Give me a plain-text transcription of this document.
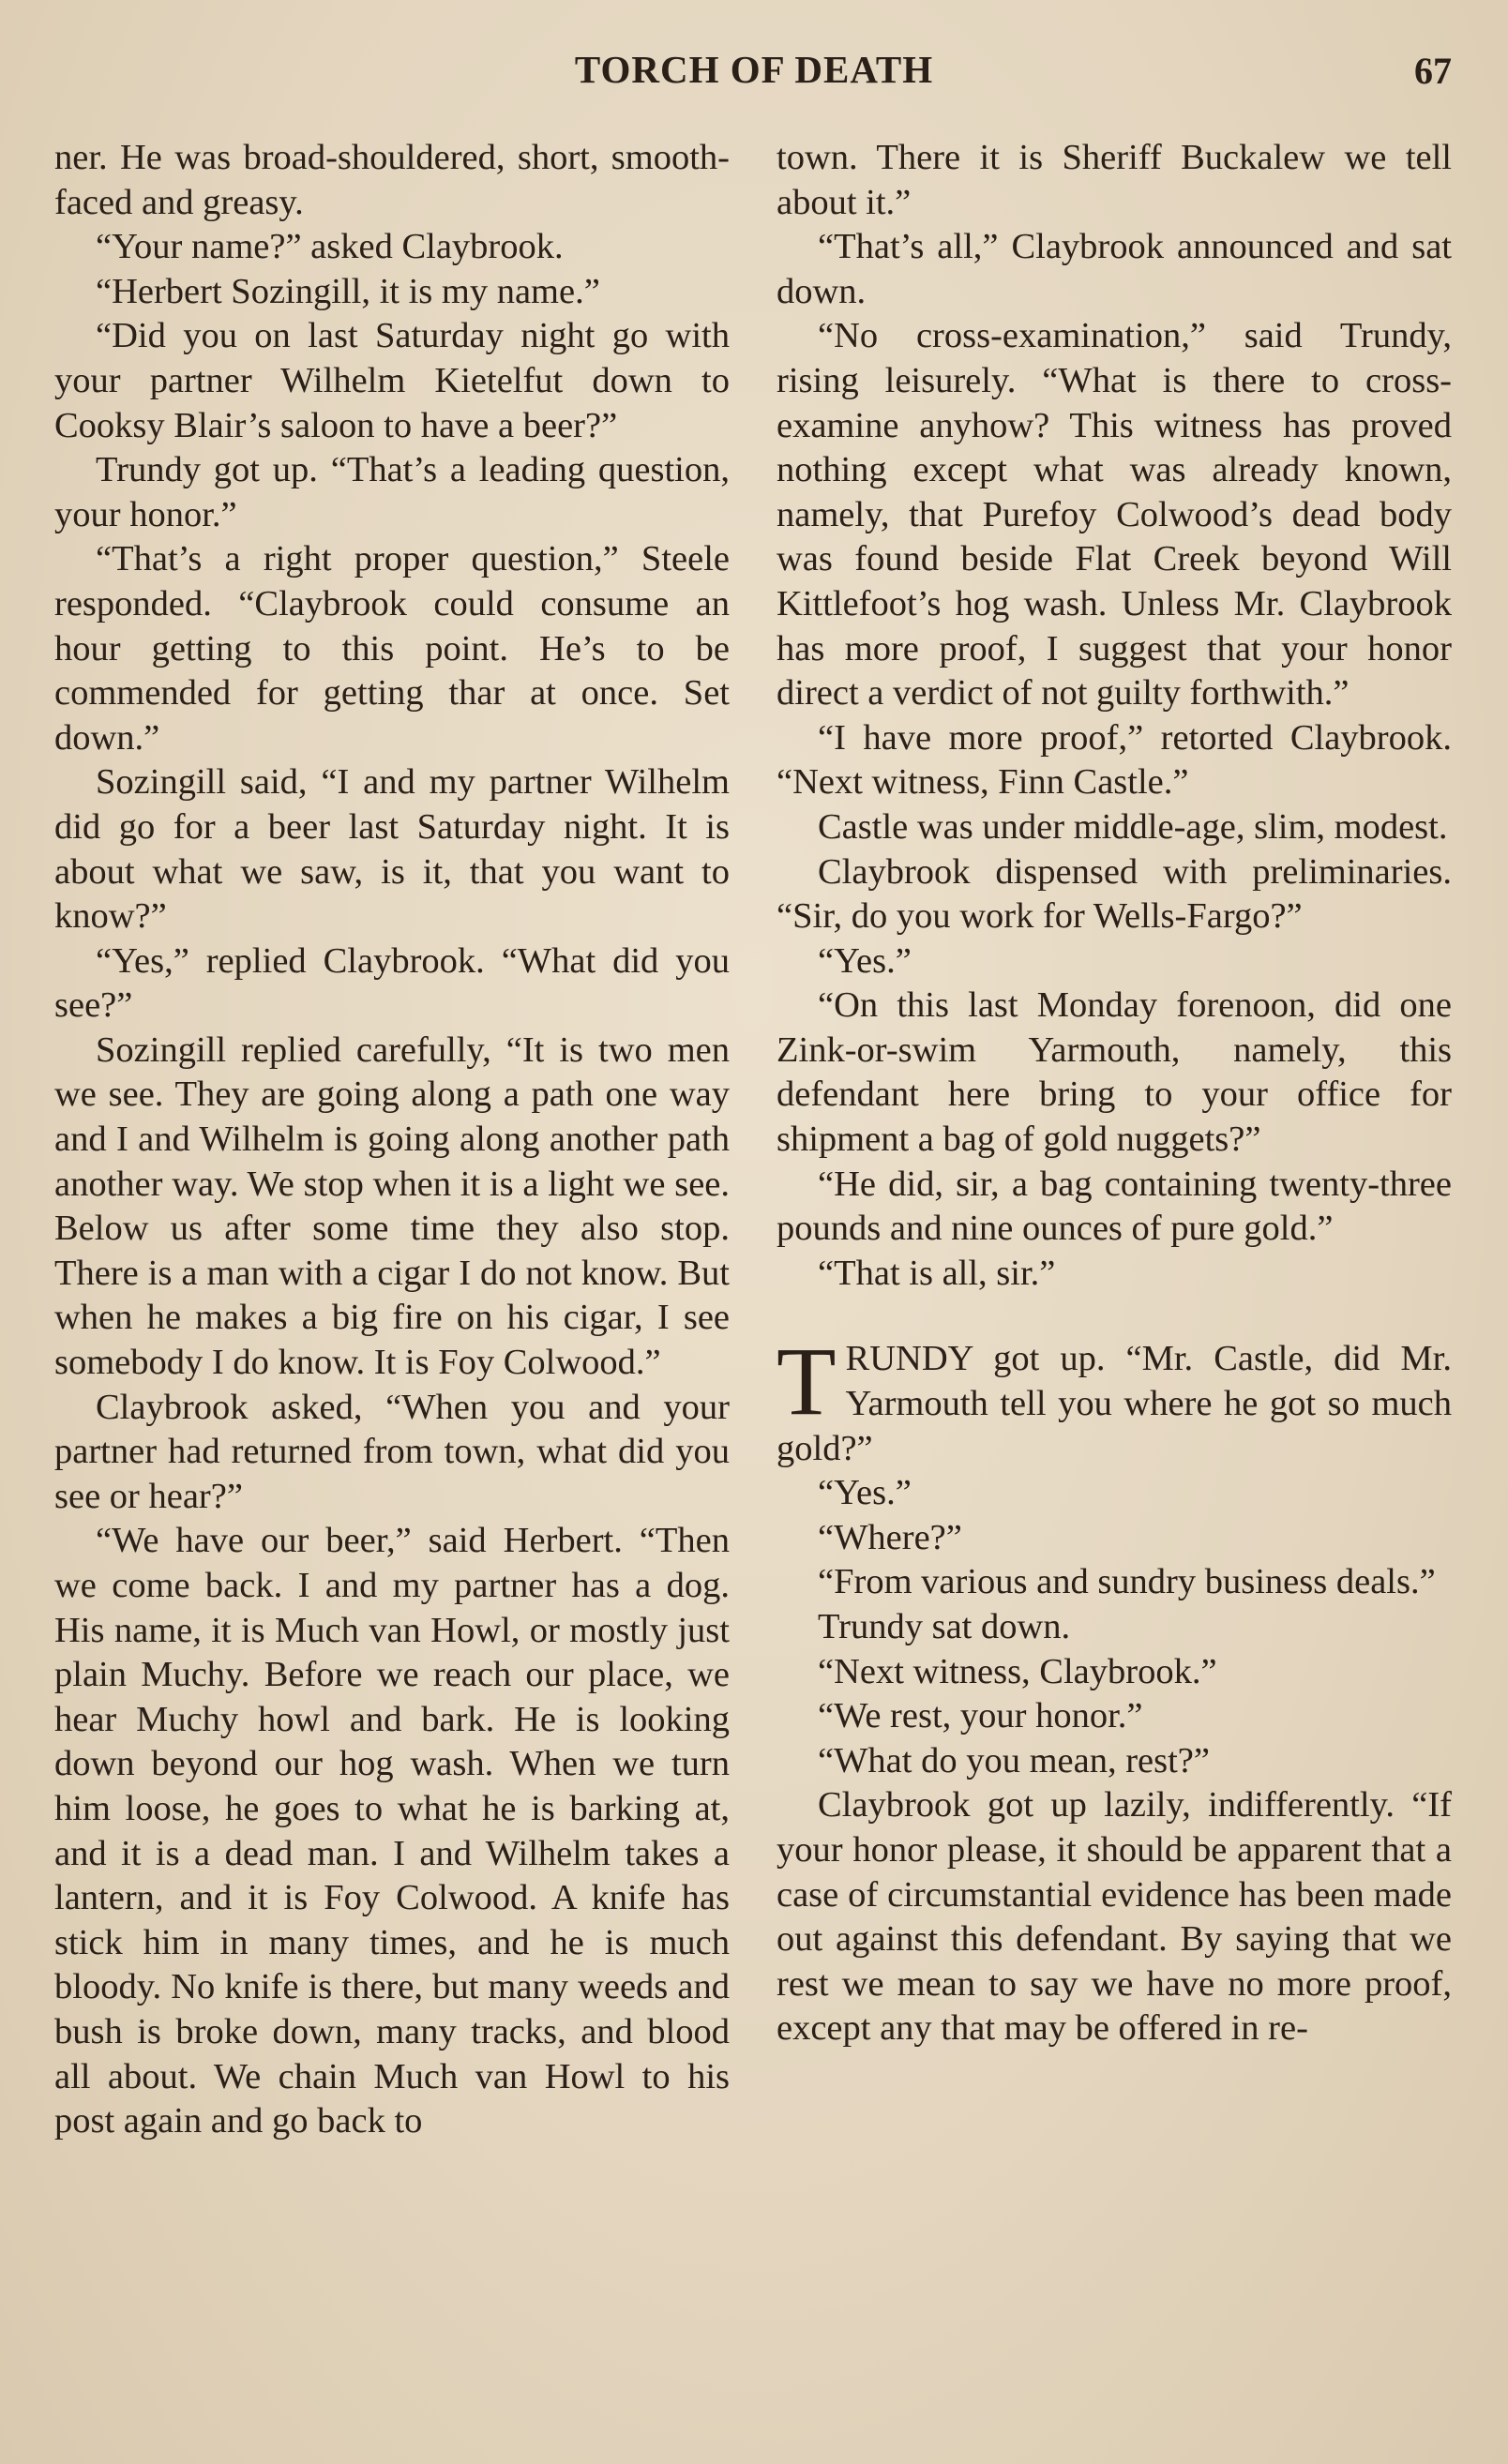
TORCH OF DEATH	67

ner. He was broad-shouldered, short, smooth-faced and greasy.

“Your name?” asked Claybrook.

“Herbert Sozingill, it is my name.”

“Did you on last Saturday night go with your partner Wilhelm Kietelfut down to Cooksy Blair’s saloon to have a beer?”

Trundy got up. “That’s a leading question, your honor.”

“That’s a right proper question,” Steele responded. “Claybrook could consume an hour getting to this point. He’s to be commended for getting thar at once. Set down.”

Sozingill said, “I and my partner Wilhelm did go for a beer last Saturday night. It is about what we saw, is it, that you want to know?”

“Yes,” replied Claybrook. “What did you see?”

Sozingill replied carefully, “It is two men we see. They are going along a path one way and I and Wilhelm is going along another path another way. We stop when it is a light we see. Below us after some time they also stop. There is a man with a cigar I do not know. But when he makes a big fire on his cigar, I see somebody I do know. It is Foy Colwood.”

Claybrook asked, “When you and your partner had returned from town, what did you see or hear?”

“We have our beer,” said Herbert. “Then we come back. I and my partner has a dog. His name, it is Much van Howl, or mostly just plain Muchy. Before we reach our place, we hear Muchy howl and bark. He is looking down beyond our hog wash. When we turn him loose, he goes to what he is barking at, and it is a dead man. I and Wilhelm takes a lantern, and it is Foy Colwood. A knife has stick him in many times, and he is much bloody. No knife is there, but many weeds and bush is broke down, many tracks, and blood all about. We chain Much van Howl to his post again and go back to

town. There it is Sheriff Buckalew we tell about it.”

“That’s all,” Claybrook announced and sat down.

“No cross-examination,” said Trundy, rising leisurely. “What is there to cross-examine anyhow? This witness has proved nothing except what was already known, namely, that Purefoy Colwood’s dead body was found beside Flat Creek beyond Will Kittlefoot’s hog wash. Unless Mr. Claybrook has more proof, I suggest that your honor direct a verdict of not guilty forthwith.”

“I have more proof,” retorted Claybrook. “Next witness, Finn Castle.”

Castle was under middle-age, slim, modest.

Claybrook dispensed with preliminaries. “Sir, do you work for Wells-Fargo?”

“Yes.”

“On this last Monday forenoon, did one Zink-or-swim Yarmouth, namely, this defendant here bring to your office for shipment a bag of gold nuggets?”

“He did, sir, a bag containing twenty-three pounds and nine ounces of pure gold.”

“That is all, sir.”

TRUNDY got up. “Mr. Castle, did Mr. Yarmouth tell you where he got so much gold?”

“Yes.”

“Where?”

“From various and sundry business deals.”

Trundy sat down.

“Next witness, Claybrook.”

“We rest, your honor.”

“What do you mean, rest?”

Claybrook got up lazily, indifferently. “If your honor please, it should be apparent that a case of circumstantial evidence has been made out against this defendant. By saying that we rest we mean to say we have no more proof, except any that may be offered in re-
